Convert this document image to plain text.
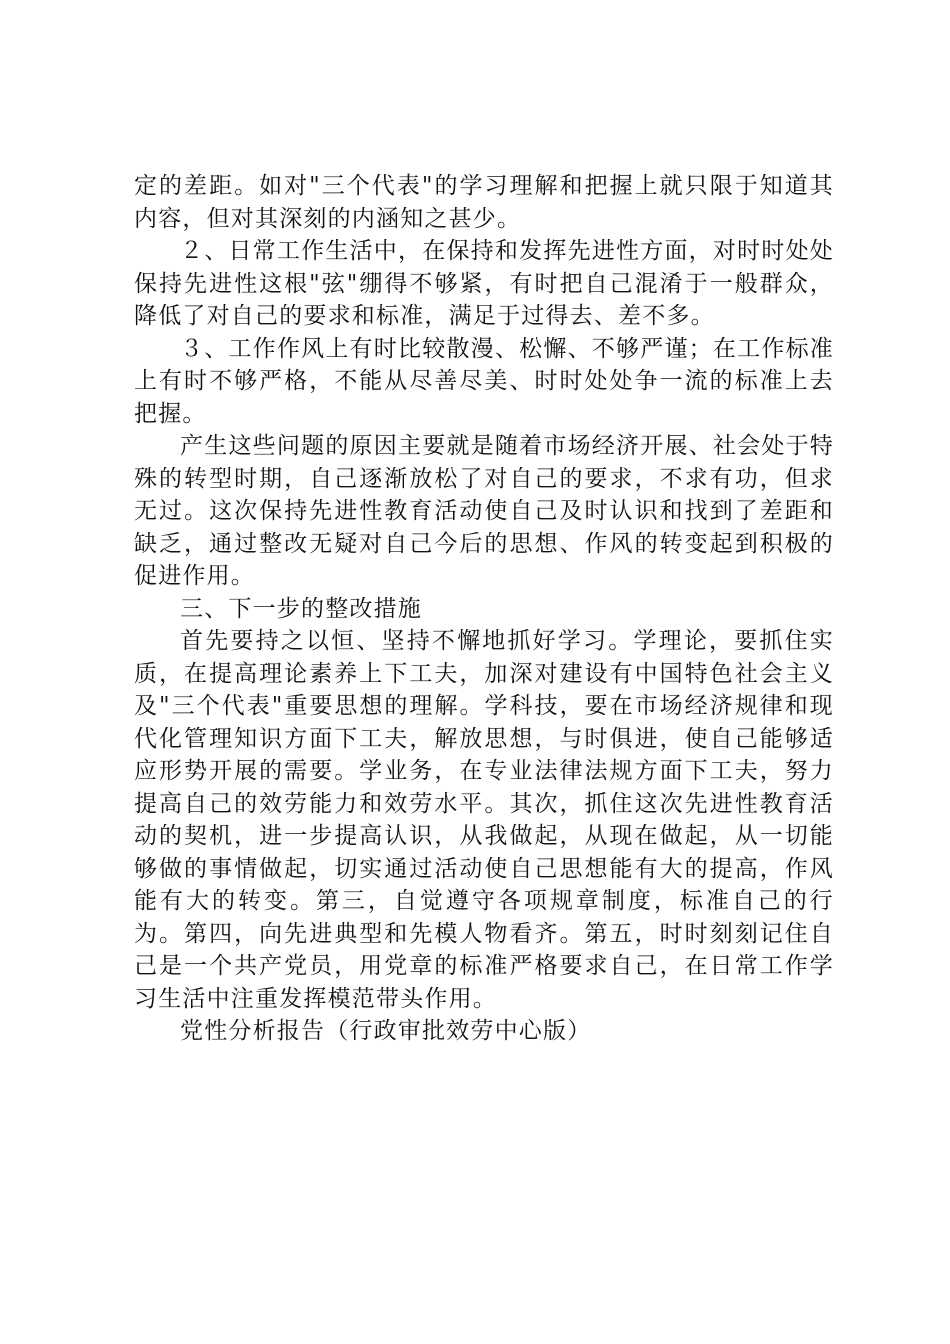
定的差距。如对"三个代表"的学习理解和把握上就只限于知道其内容，但对其深刻的内涵知之甚少。

２、日常工作生活中，在保持和发挥先进性方面，对时时处处保持先进性这根"弦"绷得不够紧，有时把自己混淆于一般群众，降低了对自己的要求和标准，满足于过得去、差不多。

３、工作作风上有时比较散漫、松懈、不够严谨；在工作标准上有时不够严格，不能从尽善尽美、时时处处争一流的标准上去把握。

产生这些问题的原因主要就是随着市场经济开展、社会处于特殊的转型时期，自己逐渐放松了对自己的要求，不求有功，但求无过。这次保持先进性教育活动使自己及时认识和找到了差距和缺乏，通过整改无疑对自己今后的思想、作风的转变起到积极的促进作用。

三、下一步的整改措施

首先要持之以恒、坚持不懈地抓好学习。学理论，要抓住实质，在提高理论素养上下工夫，加深对建设有中国特色社会主义及"三个代表"重要思想的理解。学科技，要在市场经济规律和现代化管理知识方面下工夫，解放思想，与时俱进，使自己能够适应形势开展的需要。学业务，在专业法律法规方面下工夫，努力提高自己的效劳能力和效劳水平。其次，抓住这次先进性教育活动的契机，进一步提高认识，从我做起，从现在做起，从一切能够做的事情做起，切实通过活动使自己思想能有大的提高，作风能有大的转变。第三，自觉遵守各项规章制度，标准自己的行为。第四，向先进典型和先模人物看齐。第五，时时刻刻记住自己是一个共产党员，用党章的标准严格要求自己，在日常工作学习生活中注重发挥模范带头作用。

党性分析报告（行政审批效劳中心版）
